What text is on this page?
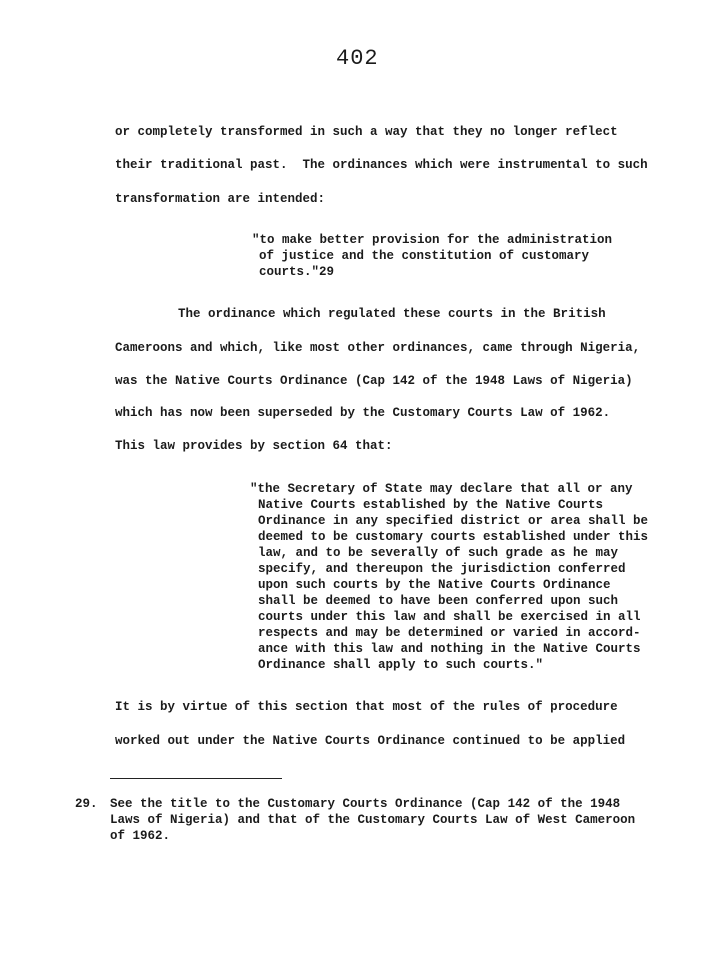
402
or completely transformed in such a way that they no longer reflect
their traditional past.  The ordinances which were instrumental to such
transformation are intended:
"to make better provision for the administration
of justice and the constitution of customary
courts."29
The ordinance which regulated these courts in the British
Cameroons and which, like most other ordinances, came through Nigeria,
was the Native Courts Ordinance (Cap 142 of the 1948 Laws of Nigeria)
which has now been superseded by the Customary Courts Law of 1962.
This law provides by section 64 that:
"the Secretary of State may declare that all or any
Native Courts established by the Native Courts
Ordinance in any specified district or area shall be
deemed to be customary courts established under this
law, and to be severally of such grade as he may
specify, and thereupon the jurisdiction conferred
upon such courts by the Native Courts Ordinance
shall be deemed to have been conferred upon such
courts under this law and shall be exercised in all
respects and may be determined or varied in accord-
ance with this law and nothing in the Native Courts
Ordinance shall apply to such courts."
It is by virtue of this section that most of the rules of procedure
worked out under the Native Courts Ordinance continued to be applied
29. See the title to the Customary Courts Ordinance (Cap 142 of the 1948
Laws of Nigeria) and that of the Customary Courts Law of West Cameroon
of 1962.
